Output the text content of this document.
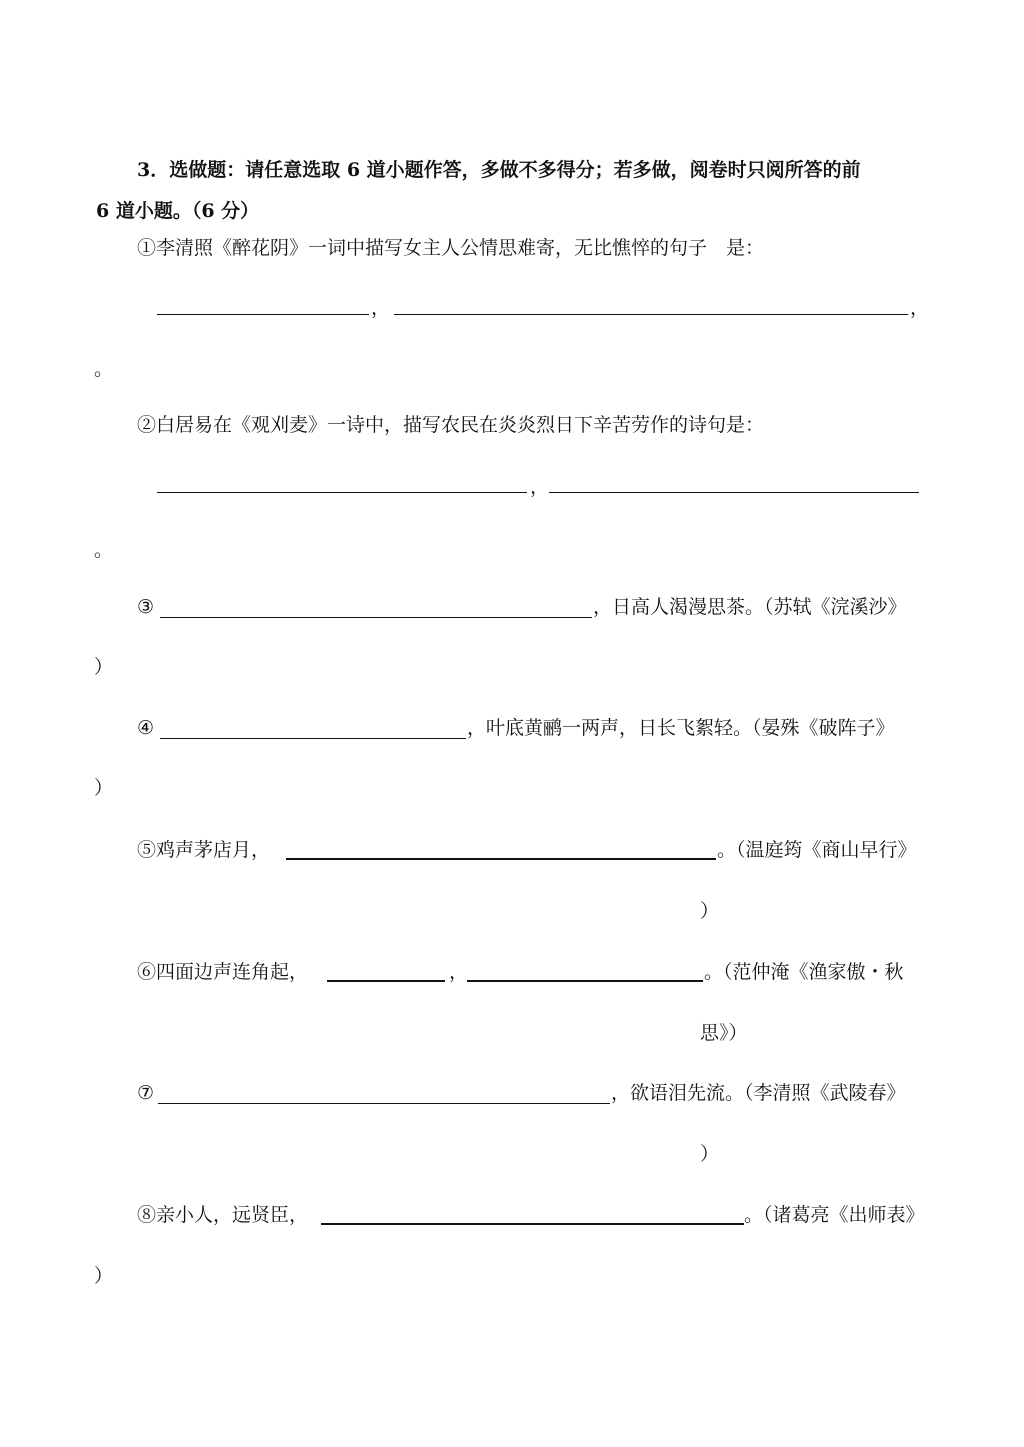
3．选做题：请任意选取 6 道小题作答，多做不多得分；若多做，阅卷时只阅所答的前
6 道小题。（6 分）
①李清照《醉花阴》一词中描写女主人公情思难寄，无比憔悴的句子　是：
，	，
。
②白居易在《观刈麦》一诗中，描写农民在炎炎烈日下辛苦劳作的诗句是：
，
。
③	，日高人渴漫思茶。（苏轼《浣溪沙》
）
④	，叶底黄鹂一两声，日长飞絮轻。（晏殊《破阵子》
）
⑤鸡声茅店月，	。（温庭筠《商山早行》
）
⑥四面边声连角起，	，	。（范仲淹《渔家傲・秋
思》）
⑦	，欲语泪先流。（李清照《武陵春》
）
⑧亲小人，远贤臣，	。（诸葛亮《出师表》
）
